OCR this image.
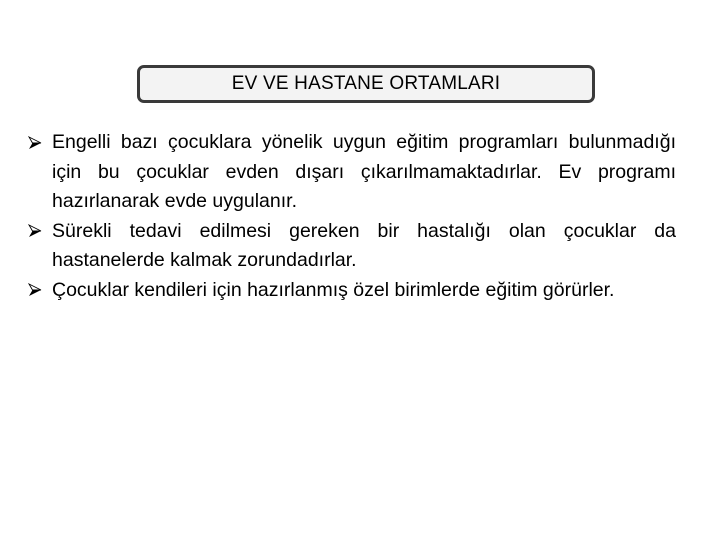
EV VE HASTANE ORTAMLARI
Engelli bazı çocuklara yönelik uygun eğitim programları bulunmadığı için bu çocuklar evden dışarı çıkarılmamaktadırlar. Ev programı hazırlanarak evde uygulanır.
Sürekli tedavi edilmesi gereken bir hastalığı olan çocuklar da hastanelerde kalmak zorundadırlar.
Çocuklar kendileri için hazırlanmış özel birimlerde eğitim görürler.
